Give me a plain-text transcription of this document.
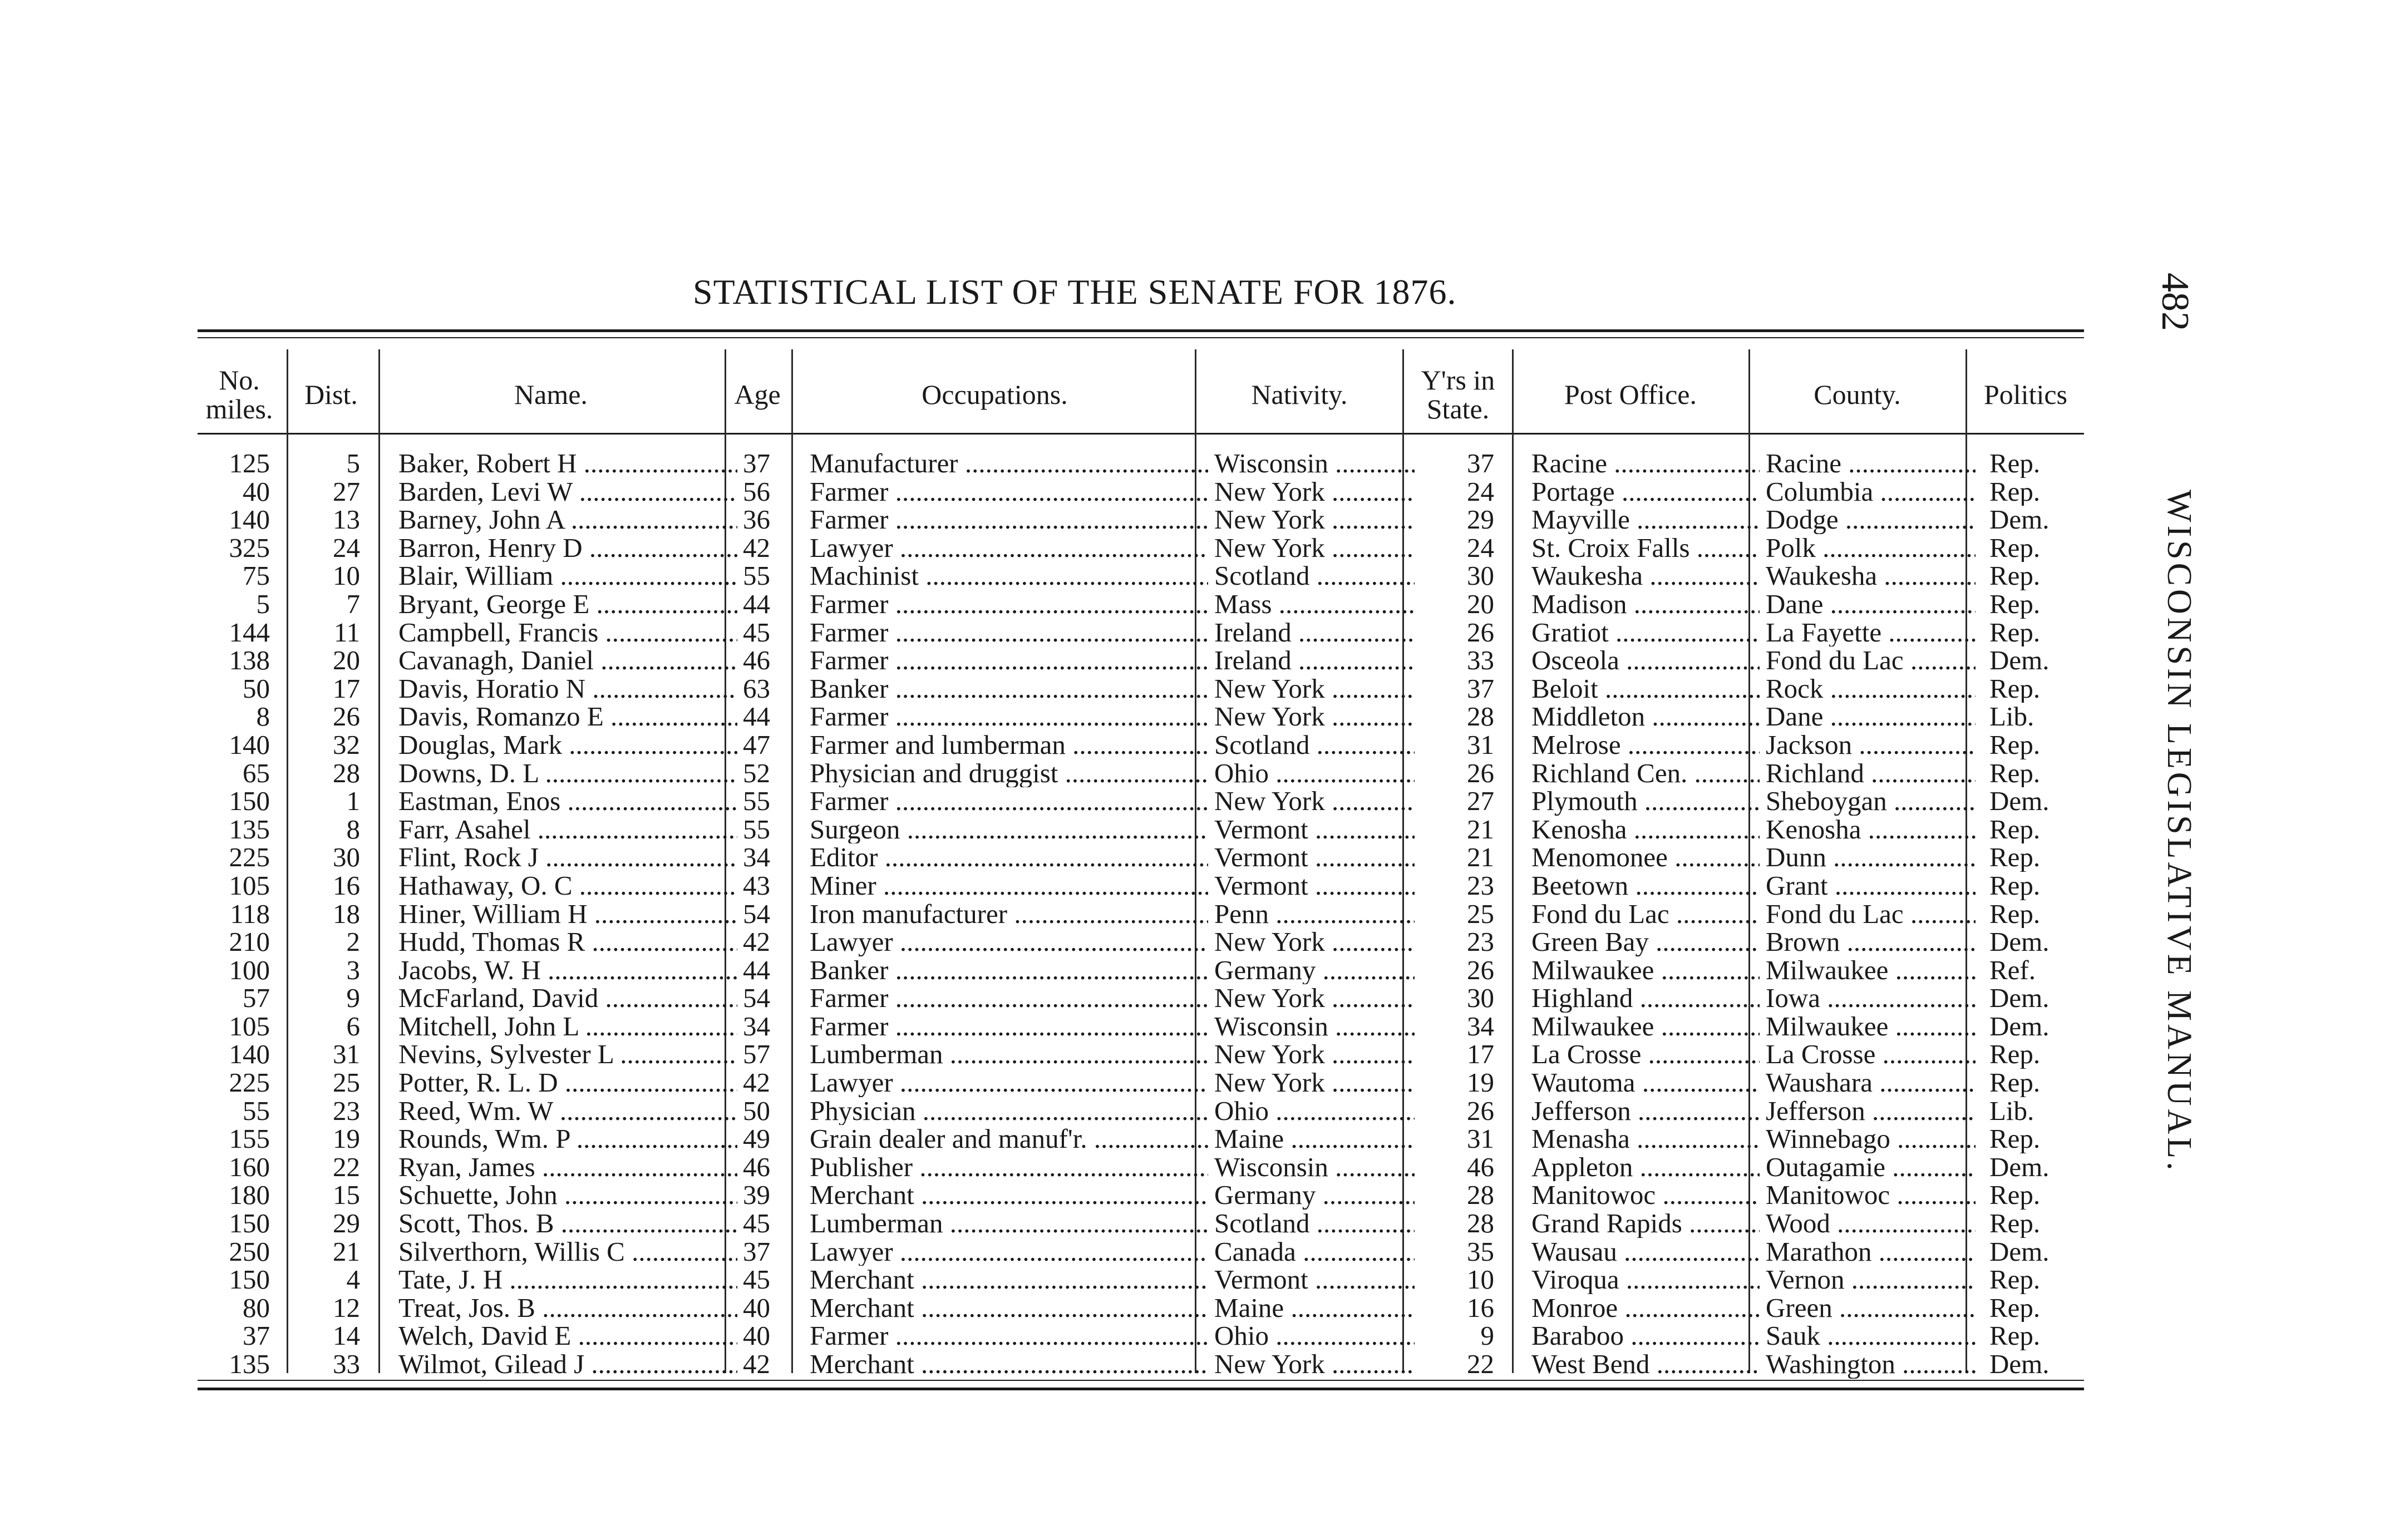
STATISTICAL LIST OF THE SENATE FOR 1876.	482
WISCONSIN LEGISLATIVE MANUAL.
No. miles.	Dist.	Name.	Age	Occupations.	Nativity.	Y'rs in State.	Post Office.	County.	Politics
125	5	Baker, Robert H .....	37	Manufacturer .....	Wisconsin .....	37	Racine .....	Racine .....	Rep.
40	27	Barden, Levi W .....	56	Farmer .....	New York .....	24	Portage .....	Columbia .....	Rep.
140	13	Barney, John A .....	36	Farmer .....	New York .....	29	Mayville .....	Dodge .....	Dem.
325	24	Barron, Henry D .....	42	Lawyer .....	New York .....	24	St. Croix Falls .....	Polk .....	Rep.
75	10	Blair, William .....	55	Machinist .....	Scotland .....	30	Waukesha .....	Waukesha .....	Rep.
5	7	Bryant, George E .....	44	Farmer .....	Mass .....	20	Madison .....	Dane .....	Rep.
144	11	Campbell, Francis .....	45	Farmer .....	Ireland .....	26	Gratiot .....	La Fayette .....	Rep.
138	20	Cavanagh, Daniel .....	46	Farmer .....	Ireland .....	33	Osceola .....	Fond du Lac .....	Dem.
50	17	Davis, Horatio N .....	63	Banker .....	New York .....	37	Beloit .....	Rock .....	Rep.
8	26	Davis, Romanzo E .....	44	Farmer .....	New York .....	28	Middleton .....	Dane .....	Lib.
140	32	Douglas, Mark .....	47	Farmer and lumberman .....	Scotland .....	31	Melrose .....	Jackson .....	Rep.
65	28	Downs, D. L .....	52	Physician and druggist .....	Ohio .....	26	Richland Cen. .....	Richland .....	Rep.
150	1	Eastman, Enos .....	55	Farmer .....	New York .....	27	Plymouth .....	Sheboygan .....	Dem.
135	8	Farr, Asahel .....	55	Surgeon .....	Vermont .....	21	Kenosha .....	Kenosha .....	Rep.
225	30	Flint, Rock J .....	34	Editor .....	Vermont .....	21	Menomonee .....	Dunn .....	Rep.
105	16	Hathaway, O. C .....	43	Miner .....	Vermont .....	23	Beetown .....	Grant .....	Rep.
118	18	Hiner, William H .....	54	Iron manufacturer .....	Penn .....	25	Fond du Lac .....	Fond du Lac .....	Rep.
210	2	Hudd, Thomas R .....	42	Lawyer .....	New York .....	23	Green Bay .....	Brown .....	Dem.
100	3	Jacobs, W. H .....	44	Banker .....	Germany .....	26	Milwaukee .....	Milwaukee .....	Ref.
57	9	McFarland, David .....	54	Farmer .....	New York .....	30	Highland .....	Iowa .....	Dem.
105	6	Mitchell, John L .....	34	Farmer .....	Wisconsin .....	34	Milwaukee .....	Milwaukee .....	Dem.
140	31	Nevins, Sylvester L .....	57	Lumberman .....	New York .....	17	La Crosse .....	La Crosse .....	Rep.
225	25	Potter, R. L. D .....	42	Lawyer .....	New York .....	19	Wautoma .....	Waushara .....	Rep.
55	23	Reed, Wm. W .....	50	Physician .....	Ohio .....	26	Jefferson .....	Jefferson .....	Lib.
155	19	Rounds, Wm. P .....	49	Grain dealer and manuf'r. .....	Maine .....	31	Menasha .....	Winnebago .....	Rep.
160	22	Ryan, James .....	46	Publisher .....	Wisconsin .....	46	Appleton .....	Outagamie .....	Dem.
180	15	Schuette, John .....	39	Merchant .....	Germany .....	28	Manitowoc .....	Manitowoc .....	Rep.
150	29	Scott, Thos. B .....	45	Lumberman .....	Scotland .....	28	Grand Rapids .....	Wood .....	Rep.
250	21	Silverthorn, Willis C .....	37	Lawyer .....	Canada .....	35	Wausau .....	Marathon .....	Dem.
150	4	Tate, J. H .....	45	Merchant .....	Vermont .....	10	Viroqua .....	Vernon .....	Rep.
80	12	Treat, Jos. B .....	40	Merchant .....	Maine .....	16	Monroe .....	Green .....	Rep.
37	14	Welch, David E .....	40	Farmer .....	Ohio .....	9	Baraboo .....	Sauk .....	Rep.
135	33	Wilmot, Gilead J .....	42	Merchant .....	New York .....	22	West Bend .....	Washington .....	Dem.
